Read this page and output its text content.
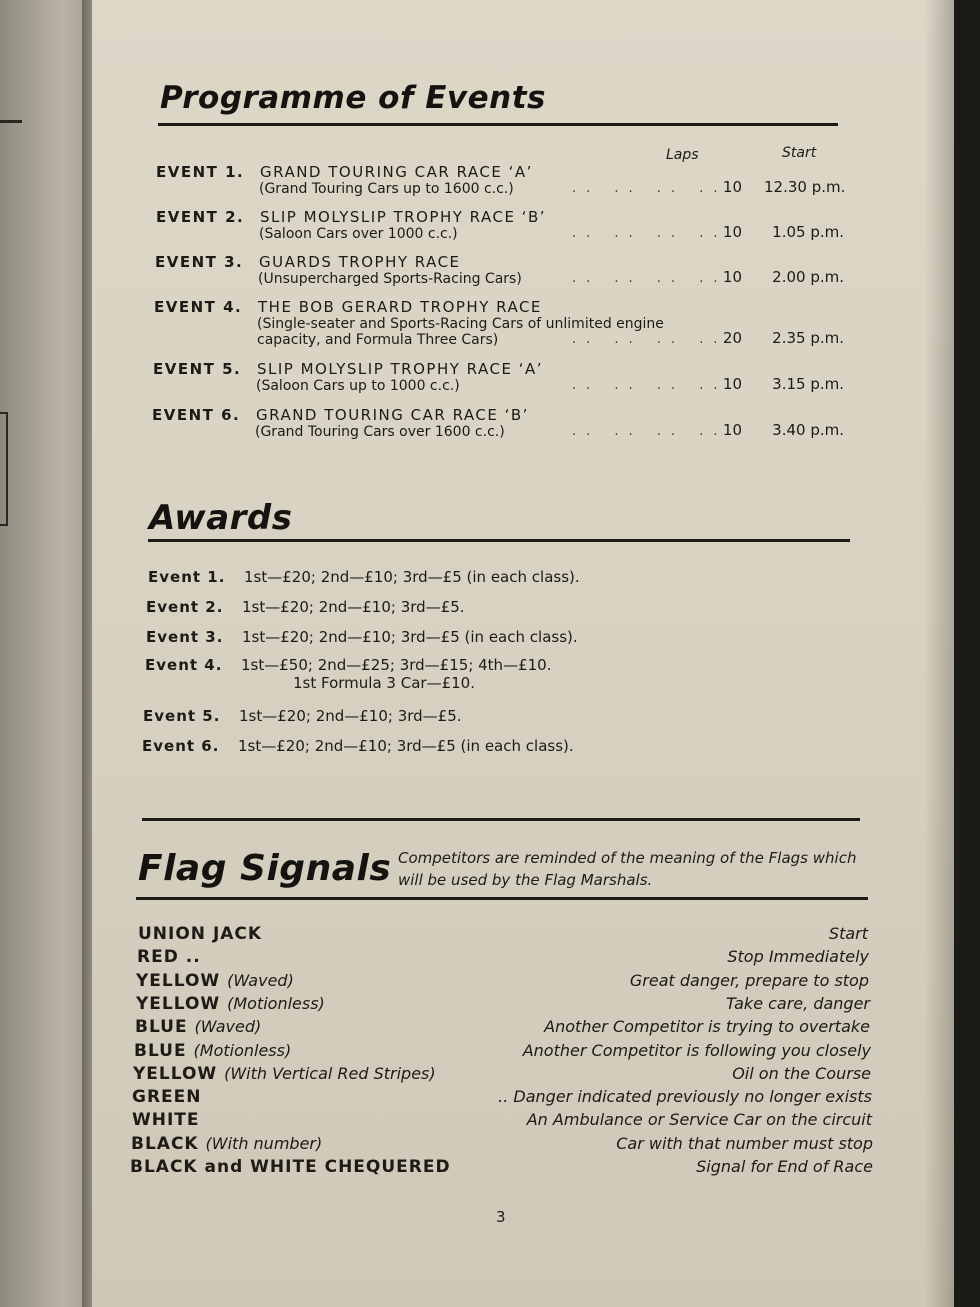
Programme of Events
Laps	Start
EVENT 1. GRAND TOURING CAR RACE ‘A’
(Grand Touring Cars up to 1600 c.c.)	.. .. .. ..
10 12.30 p.m.
EVENT 2. SLIP MOLYSLIP TROPHY RACE ‘B’
(Saloon Cars over 1000 c.c.)	.. .. .. ..
10	1.05 p.m.
EVENT 3. GUARDS TROPHY RACE
(Unsupercharged Sports-Racing Cars)	.. .. .. ..
10	2.00 p.m.
EVENT 4. THE BOB GERARD TROPHY RACE
(Single-seater and Sports-Racing Cars of unlimited engine
capacity, and Formula Three Cars)	.. .. .. ..
20	2.35 p.m.
EVENT 5. SLIP MOLYSLIP TROPHY RACE ‘A’
(Saloon Cars up to 1000 c.c.)	.. .. .. ..
10	3.15 p.m.
EVENT 6. GRAND TOURING CAR RACE ‘B’
(Grand Touring Cars over 1600 c.c.)	.. .. .. ..
10	3.40 p.m.
Awards
Event 1. 1st—£20; 2nd—£10; 3rd—£5 (in each class).
Event 2. 1st—£20; 2nd—£10; 3rd—£5.
Event 3. 1st—£20; 2nd—£10; 3rd—£5 (in each class).
Event 4. 1st—£50; 2nd—£25; 3rd—£15; 4th—£10.
1st Formula 3 Car—£10.
Event 5. 1st—£20; 2nd—£10; 3rd—£5.
Event 6. 1st—£20; 2nd—£10; 3rd—£5 (in each class).
Flag Signals Competitors are reminded of the meaning of the Flags which will be used by the Flag Marshals.
UNION JACK	Start
RED ..	Stop Immediately
YELLOW (Waved)	Great danger, prepare to stop
YELLOW (Motionless)	Take care, danger
BLUE (Waved)	Another Competitor is trying to overtake
BLUE (Motionless)	Another Competitor is following you closely
YELLOW (With Vertical Red Stripes)	Oil on the Course
GREEN	.. Danger indicated previously no longer exists
WHITE	An Ambulance or Service Car on the circuit
BLACK (With number)	Car with that number must stop
BLACK and WHITE CHEQUERED	Signal for End of Race
3
